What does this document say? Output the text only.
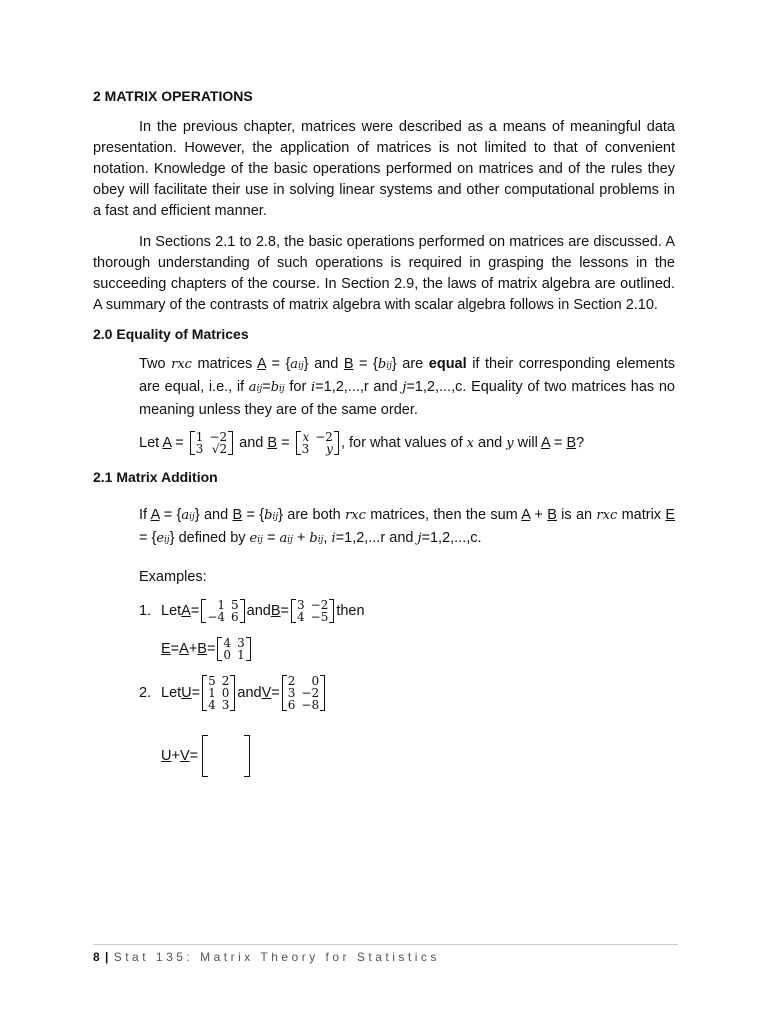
2 MATRIX OPERATIONS

In the previous chapter, matrices were described as a means of meaningful data presentation. However, the application of matrices is not limited to that of convenient notation. Knowledge of the basic operations performed on matrices and of the rules they obey will facilitate their use in solving linear systems and other computational problems in a fast and efficient manner.

In Sections 2.1 to 2.8, the basic operations performed on matrices are discussed. A thorough understanding of such operations is required in grasping the lessons in the succeeding chapters of the course. In Section 2.9, the laws of matrix algebra are outlined. A summary of the contrasts of matrix algebra with scalar algebra follows in Section 2.10.

2.0 Equality of Matrices

Two rxc matrices A = {aij} and B = {bij} are equal if their corresponding elements are equal, i.e., if aij=bij for i=1,2,...,r and j=1,2,...,c. Equality of two matrices has no meaning unless they are of the same order.

Let A = 1	−2
3	√2 and B = x	−2
3	y , for what values of x and y will A = B?
2.1 Matrix Addition

If A = {aij} and B = {bij} are both rxc matrices, then the sum A + B is an rxc matrix E = {eij} defined by eij = aij + bij, i=1,2,...r and j=1,2,...,c.

Examples:
1. Let A = 1	5
−4	6 and B = 3	−2
4	−5 then
E = A + B = 4	3
0	1
2. Let U =
5	2
1	0
4	3
and V =
2	0
3	−2
6	−8
U + V =
8 | Stat 135: Matrix Theory for Statistics
